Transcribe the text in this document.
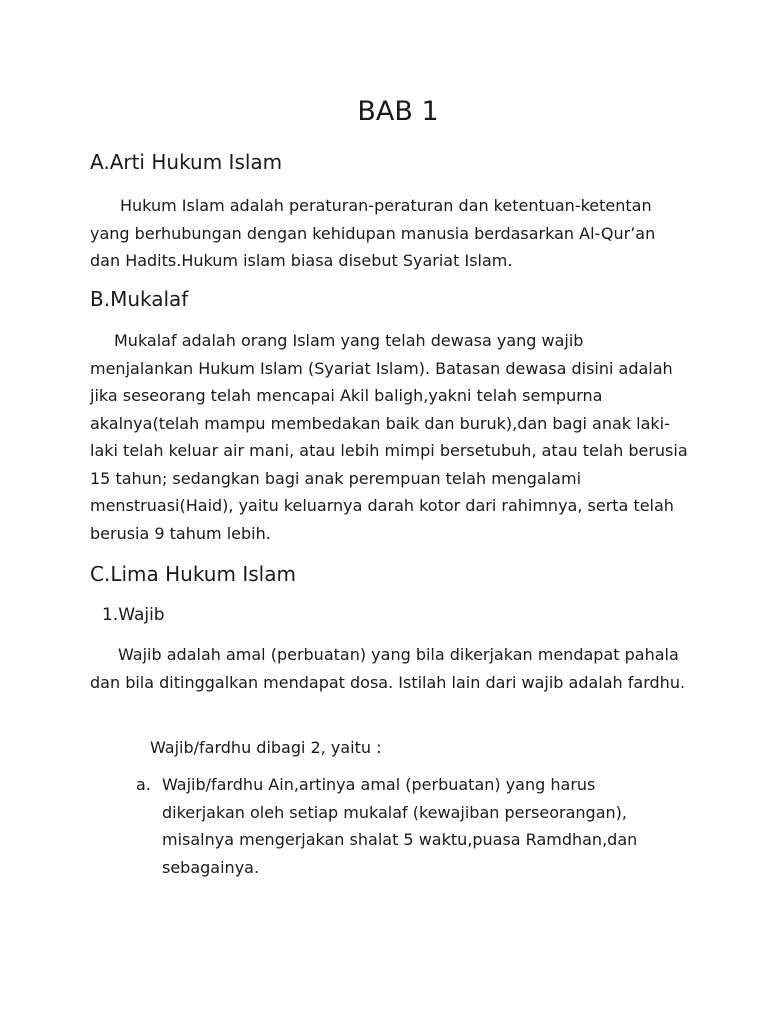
BAB 1
A.Arti Hukum Islam

Hukum Islam adalah peraturan-peraturan dan ketentuan-ketentan yang berhubungan dengan kehidupan manusia berdasarkan Al-Qur’an dan Hadits.Hukum islam biasa disebut Syariat Islam.

B.Mukalaf

Mukalaf adalah orang Islam yang telah dewasa yang wajib menjalankan Hukum Islam (Syariat Islam). Batasan dewasa disini adalah jika seseorang telah mencapai Akil baligh,yakni telah sempurna akalnya(telah mampu membedakan baik dan buruk),dan bagi anak laki-laki telah keluar air mani, atau lebih mimpi bersetubuh, atau telah berusia 15 tahun; sedangkan bagi anak perempuan telah mengalami menstruasi(Haid), yaitu keluarnya darah kotor dari rahimnya, serta telah berusia 9 tahum lebih.

C.Lima Hukum Islam
1.Wajib

Wajib adalah amal (perbuatan) yang bila dikerjakan mendapat pahala dan bila ditinggalkan mendapat dosa. Istilah lain dari wajib adalah fardhu.

Wajib/fardhu dibagi 2, yaitu :
a. Wajib/fardhu Ain,artinya amal (perbuatan) yang harus dikerjakan oleh setiap mukalaf (kewajiban perseorangan), misalnya mengerjakan shalat 5 waktu,puasa Ramdhan,dan sebagainya.
